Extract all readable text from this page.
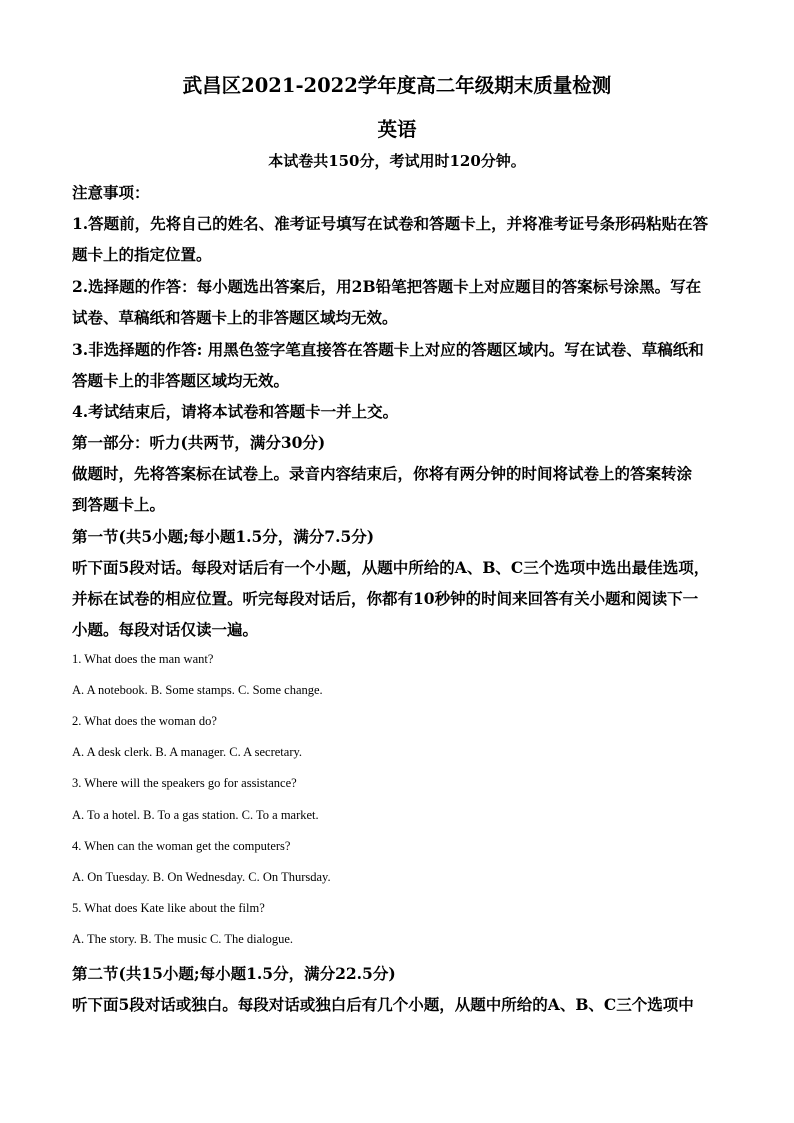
武昌区2021-2022学年度高二年级期末质量检测
英语
本试卷共150分，考试用时120分钟。
注意事项：
1.答题前，先将自己的姓名、准考证号填写在试卷和答题卡上，并将准考证号条形码粘贴在答
题卡上的指定位置。
2.选择题的作答：每小题选出答案后，用2B铅笔把答题卡上对应题目的答案标号涂黑。写在
试卷、草稿纸和答题卡上的非答题区域均无效。
3.非选择题的作答: 用黑色签字笔直接答在答题卡上对应的答题区域内。写在试卷、草稿纸和
答题卡上的非答题区域均无效。
4.考试结束后，请将本试卷和答题卡一并上交。
第一部分：听力(共两节，满分30分)
做题时，先将答案标在试卷上。录音内容结束后，你将有两分钟的时间将试卷上的答案转涂
到答题卡上。
第一节(共5小题;每小题1.5分，满分7.5分)
听下面5段对话。每段对话后有一个小题，从题中所给的A、B、C三个选项中选出最佳选项，
并标在试卷的相应位置。听完每段对话后，你都有10秒钟的时间来回答有关小题和阅读下一
小题。每段对话仅读一遍。
1. What does the man want?
A. A notebook. B. Some stamps. C. Some change.
2. What does the woman do?
A. A desk clerk. B. A manager. C. A secretary.
3. Where will the speakers go for assistance?
A. To a hotel. B. To a gas station. C. To a market.
4. When can the woman get the computers?
A. On Tuesday. B. On Wednesday. C. On Thursday.
5. What does Kate like about the film?
A. The story. B. The music C. The dialogue.
第二节(共15小题;每小题1.5分，满分22.5分)
听下面5段对话或独白。每段对话或独白后有几个小题，从题中所给的A、B、C三个选项中
